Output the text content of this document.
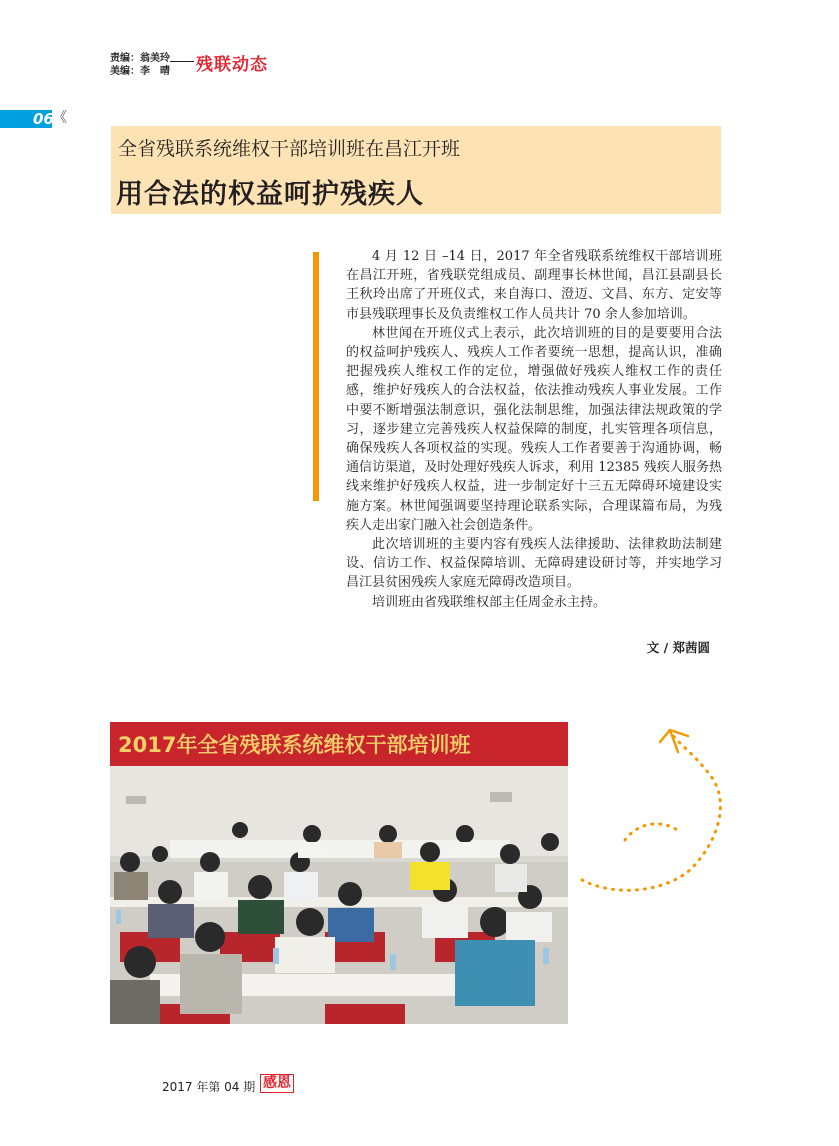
责编：翁美玲
美编：李　晴 残联动态
06 《
全省残联系统维权干部培训班在昌江开班
用合法的权益呵护残疾人

4 月 12 日 –14 日，2017 年全省残联系统维权干部培训班在昌江开班，省残联党组成员、副理事长林世闻，昌江县副县长王秋玲出席了开班仪式，来自海口、澄迈、文昌、东方、定安等市县残联理事长及负责维权工作人员共计 70 余人参加培训。

林世闻在开班仪式上表示，此次培训班的目的是要要用合法的权益呵护残疾人、残疾人工作者要统一思想，提高认识，准确把握残疾人维权工作的定位，增强做好残疾人维权工作的责任感，维护好残疾人的合法权益，依法推动残疾人事业发展。工作中要不断增强法制意识，强化法制思维，加强法律法规政策的学习，逐步建立完善残疾人权益保障的制度，扎实管理各项信息，确保残疾人各项权益的实现。残疾人工作者要善于沟通协调，畅通信访渠道，及时处理好残疾人诉求，利用 12385 残疾人服务热线来维护好残疾人权益，进一步制定好十三五无障碍环境建设实施方案。林世闻强调要坚持理论联系实际，合理谋篇布局，为残疾人走出家门融入社会创造条件。

此次培训班的主要内容有残疾人法律援助、法律救助法制建设、信访工作、权益保障培训、无障碍建设研讨等，并实地学习昌江县贫困残疾人家庭无障碍改造项目。

培训班由省残联维权部主任周金永主持。

文 / 郑茜圆
2017年全省残联系统维权干部培训班
2017 年第 04 期 感恩
